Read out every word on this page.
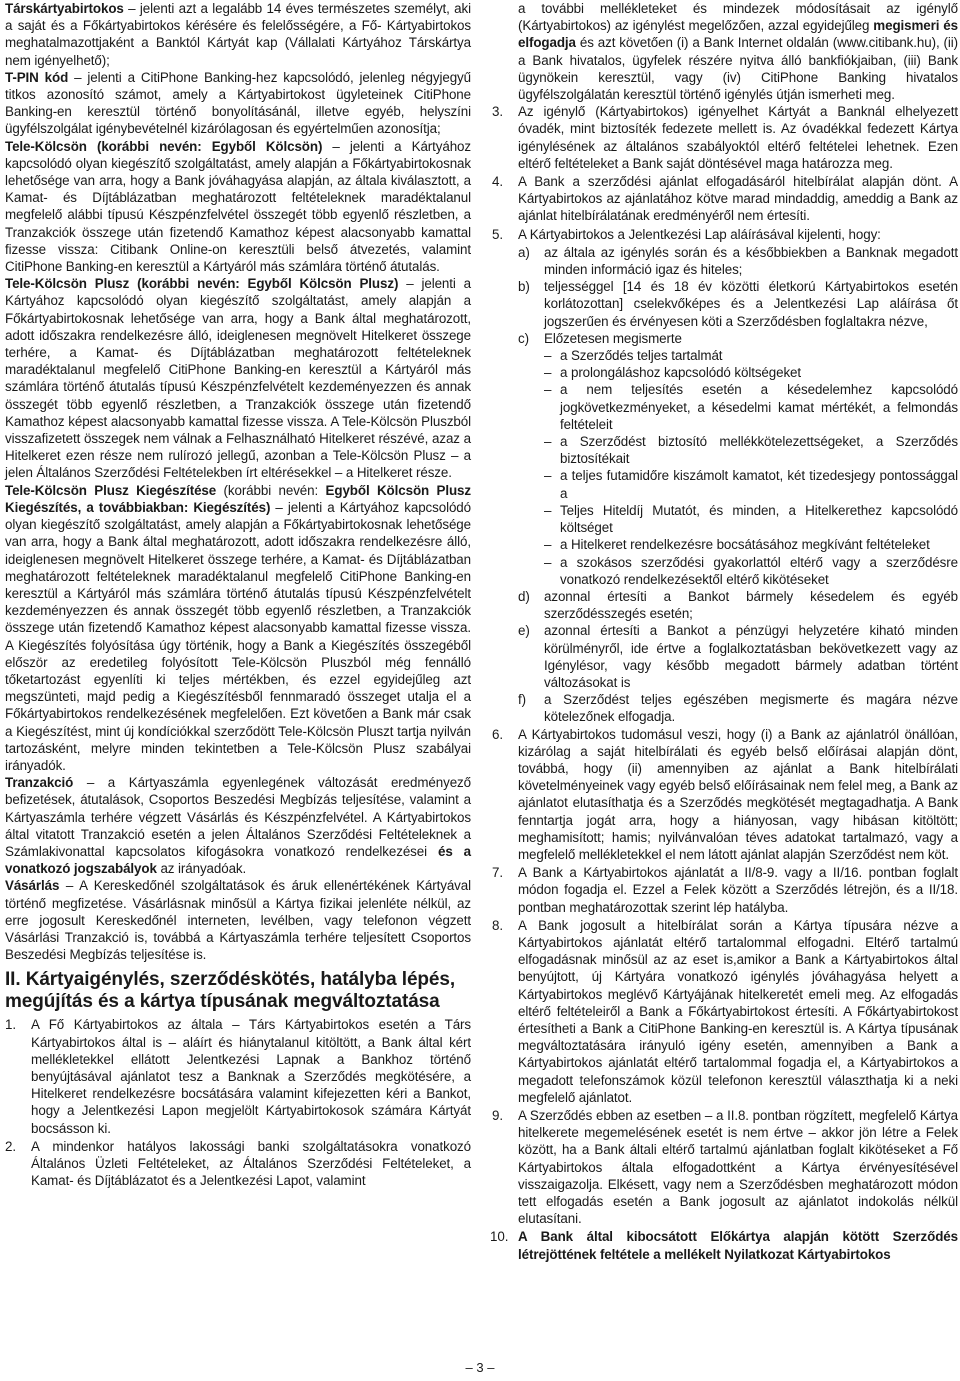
Társkártyabirtokos – jelenti azt a legalább 14 éves természetes személyt, aki a saját és a Főkártyabirtokos kérésére és felelősségére, a Fő- Kártyabirtokos meghatalmazottjaként a Banktól Kártyát kap (Vállalati Kártyához Társkártya nem igényelhető);

T-PIN kód – jelenti a CitiPhone Banking-hez kapcsolódó, jelenleg négyjegyű titkos azonosító számot, amely a Kártyabirtokost ügyleteinek CitiPhone Banking-en keresztül történő bonyolításánál, illetve egyéb, helyszíni ügyfélszolgálat igénybevételnél kizárólagosan és egyértelműen azonosítja;

Tele-Kölcsön (korábbi nevén: Egyből Kölcsön) – jelenti a Kártyához kapcsolódó olyan kiegészítő szolgáltatást, amely alapján a Főkártyabirtokosnak lehetősége van arra, hogy a Bank jóváhagyása alapján, az általa kiválasztott, a Kamat- és Díjtáblázatban meghatározott feltételeknek maradéktalanul megfelelő alábbi típusú Készpénzfelvétel összegét több egyenlő részletben, a Tranzakciók összege után fizetendő Kamathoz képest alacsonyabb kamattal fizesse vissza: Citibank Online-on keresztüli belső átvezetés, valamint CitiPhone Banking-en keresztül a Kártyáról más számlára történő átutalás.

Tele-Kölcsön Plusz (korábbi nevén: Egyből Kölcsön Plusz) – jelenti a Kártyához kapcsolódó olyan kiegészítő szolgáltatást, amely alapján a Főkártyabirtokosnak lehetősége van arra, hogy a Bank által meghatározott, adott időszakra rendelkezésre álló, ideiglenesen megnövelt Hitelkeret összege terhére, a Kamat- és Díjtáblázatban meghatározott feltételeknek maradéktalanul megfelelő CitiPhone Banking-en keresztül a Kártyáról más számlára történő átutalás típusú Készpénzfelvételt kezdeményezzen és annak összegét több egyenlő részletben, a Tranzakciók összege után fizetendő Kamathoz képest alacsonyabb kamattal fizesse vissza. A Tele-Kölcsön Pluszból visszafizetett összegek nem válnak a Felhasználható Hitelkeret részévé, azaz a Hitelkeret ezen része nem rulírozó jellegű, azonban a Tele-Kölcsön Plusz – a jelen Általános Szerződési Feltételekben írt eltérésekkel – a Hitelkeret része.

Tele-Kölcsön Plusz Kiegészítése (korábbi nevén: Egyből Kölcsön Plusz Kiegészítés, a továbbiakban: Kiegészítés) – jelenti a Kártyához kapcsolódó olyan kiegészítő szolgáltatást, amely alapján a Főkártyabirtokosnak lehetősége van arra, hogy a Bank által meghatározott, adott időszakra rendelkezésre álló, ideiglenesen megnövelt Hitelkeret összege terhére, a Kamat- és Díjtáblázatban meghatározott feltételeknek maradéktalanul megfelelő CitiPhone Banking-en keresztül a Kártyáról más számlára történő átutalás típusú Készpénzfelvételt kezdeményezzen és annak összegét több egyenlő részletben, a Tranzakciók összege után fizetendő Kamathoz képest alacsonyabb kamattal fizesse vissza. A Kiegészítés folyósítása úgy történik, hogy a Bank a Kiegészítés összegéből először az eredetileg folyósított Tele-Kölcsön Pluszból még fennálló tőketartozást egyenlíti ki teljes mértékben, és ezzel egyidejűleg azt megszünteti, majd pedig a Kiegészítésből fennmaradó összeget utalja el a Főkártyabirtokos rendelkezésének megfelelően. Ezt követően a Bank már csak a Kiegészítést, mint új kondíciókkal szerződött Tele-Kölcsön Pluszt tartja nyilván tartozásként, melyre minden tekintetben a Tele-Kölcsön Plusz szabályai irányadók.

Tranzakció – a Kártyaszámla egyenlegének változását eredményező befizetések, átutalások, Csoportos Beszedési Megbízás teljesítése, valamint a Kártyaszámla terhére végzett Vásárlás és Készpénzfelvétel. A Kártyabirtokos által vitatott Tranzakció esetén a jelen Általános Szerződési Feltételeknek a Számlakivonattal kapcsolatos kifogásokra vonatkozó rendelkezései és a vonatkozó jogszabályok az irányadóak.

Vásárlás – A Kereskedőnél szolgáltatások és áruk ellenértékének Kártyával történő megfizetése. Vásárlásnak minősül a Kártya fizikai jelenléte nélkül, az erre jogosult Kereskedőnél interneten, levélben, vagy telefonon végzett Vásárlási Tranzakció is, továbbá a Kártyaszámla terhére teljesített Csoportos Beszedési Megbízás teljesítése is.

II. Kártyaigénylés, szerződéskötés, hatályba lépés, megújítás és a kártya típusának megváltoztatása
1. A Fő Kártyabirtokos az általa – Társ Kártyabirtokos esetén a Társ Kártyabirtokos által is – aláírt és hiánytalanul kitöltött, a Bank által kért mellékletekkel ellátott Jelentkezési Lapnak a Bankhoz történő benyújtásával ajánlatot tesz a Banknak a Szerződés megkötésére, a Hitelkeret rendelkezésre bocsátására valamint kifejezetten kéri a Bankot, hogy a Jelentkezési Lapon megjelölt Kártyabirtokosok számára Kártyát bocsásson ki.
2. A mindenkor hatályos lakossági banki szolgáltatásokra vonatkozó Általános Üzleti Feltételeket, az Általános Szerződési Feltételeket, a Kamat- és Díjtáblázatot és a Jelentkezési Lapot, valamint

a további mellékleteket és mindezek módosításait az igénylő (Kártyabirtokos) az igénylést megelőzően, azzal egyidejűleg megismeri és elfogadja és azt követően (i) a Bank Internet oldalán (www.citibank.hu), (ii) a Bank hivatalos, ügyfelek részére nyitva álló bankfiókjaiban, (iii) Bank ügynökein keresztül, vagy (iv) CitiPhone Banking hivatalos ügyfélszolgálatán keresztül történő igénylés útján ismerheti meg.

3. Az igénylő (Kártyabirtokos) igényelhet Kártyát a Banknál elhelyezett óvadék, mint biztosíték fedezete mellett is. Az óvadékkal fedezett Kártya igénylésének az általános szabályoktól eltérő feltételei lehetnek. Ezen eltérő feltételeket a Bank saját döntésével maga határozza meg.
4. A Bank a szerződési ajánlat elfogadásáról hitelbírálat alapján dönt. A Kártyabirtokos az ajánlatához kötve marad mindaddig, ameddig a Bank az ajánlat hitelbírálatának eredményéről nem értesíti.
5. A Kártyabirtokos a Jelentkezési Lap aláírásával kijelenti, hogy:
a) az általa az igénylés során és a későbbiekben a Banknak megadott minden információ igaz és hiteles;
b) teljességgel [14 és 18 év közötti életkorú Kártyabirtokos esetén korlátozottan] cselekvőképes és a Jelentkezési Lap aláírása őt jogszerűen és érvényesen köti a Szerződésben foglaltakra nézve,
c) Előzetesen megismerte
– a Szerződés teljes tartalmát
– a prolongáláshoz kapcsolódó költségeket
– a nem teljesítés esetén a késedelemhez kapcsolódó jogkövetkezményeket, a késedelmi kamat mértékét, a felmondás feltételeit
– a Szerződést biztosító mellékkötelezettségeket, a Szerződés biztosítékait
– a teljes futamidőre kiszámolt kamatot, két tizedesjegy pontossággal a
– Teljes Hiteldíj Mutatót, és minden, a Hitelkerethez kapcsolódó költséget
– a Hitelkeret rendelkezésre bocsátásához megkívánt feltételeket
– a szokásos szerződési gyakorlattól eltérő vagy a szerződésre vonatkozó rendelkezésektől eltérő kikötéseket
d) azonnal értesíti a Bankot bármely késedelem és egyéb szerződésszegés esetén;
e) azonnal értesíti a Bankot a pénzügyi helyzetére kiható minden körülményről, ide értve a foglalkoztatásban bekövetkezett vagy az Igénylésor, vagy később megadott bármely adatban történt változásokat is
f) a Szerződést teljes egészében megismerte és magára nézve kötelezőnek elfogadja.
6. A Kártyabirtokos tudomásul veszi, hogy (i) a Bank az ajánlatról önállóan, kizárólag a saját hitelbírálati és egyéb belső előírásai alapján dönt, továbbá, hogy (ii) amennyiben az ajánlat a Bank hitelbírálati követelményeinek vagy egyéb belső előírásainak nem felel meg, a Bank az ajánlatot elutasíthatja és a Szerződés megkötését megtagadhatja. A Bank fenntartja jogát arra, hogy a hiányosan, vagy hibásan kitöltött; meghamisított; hamis; nyilvánvalóan téves adatokat tartalmazó, vagy a megfelelő mellékletekkel el nem látott ajánlat alapján Szerződést nem köt.
7. A Bank a Kártyabirtokos ajánlatát a II/8-9. vagy a II/16. pontban foglalt módon fogadja el. Ezzel a Felek között a Szerződés létrejön, és a II/18. pontban meghatározottak szerint lép hatályba.
8. A Bank jogosult a hitelbírálat során a Kártya típusára nézve a Kártyabirtokos ajánlatát eltérő tartalommal elfogadni. Eltérő tartalmú elfogadásnak minősül az az eset is,amikor a Bank a Kártyabirtokos által benyújtott, új Kártyára vonatkozó igénylés jóváhagyása helyett a Kártyabirtokos meglévő Kártyájának hitelkeretét emeli meg. Az elfogadás eltérő feltételeiről a Bank a Főkártyabirtokost értesíti. A Főkártyabirtokost értesítheti a Bank a CitiPhone Banking-en keresztül is. A Kártya típusának megváltoztatására irányuló igény esetén, amennyiben a Bank a Kártyabirtokos ajánlatát eltérő tartalommal fogadja el, a Kártyabirtokos a megadott telefonszámok közül telefonon keresztül választhatja ki a neki megfelelő ajánlatot.
9. A Szerződés ebben az esetben – a II.8. pontban rögzített, megfelelő Kártya hitelkerete megemelésének esetét is nem értve – akkor jön létre a Felek között, ha a Bank általi eltérő tartalmú ajánlatban foglalt kikötéseket a Fő Kártyabirtokos általa elfogadottként a Kártya érvényesítésével visszaigazolja. Elkésett, vagy nem a Szerződésben meghatározott módon tett elfogadás esetén a Bank jogosult az ajánlatot indokolás nélkül elutasítani.
10. A Bank által kibocsátott Előkártya alapján kötött Szerződés létrejöttének feltétele a mellékelt Nyilatkozat Kártyabirtokos
– 3 –
